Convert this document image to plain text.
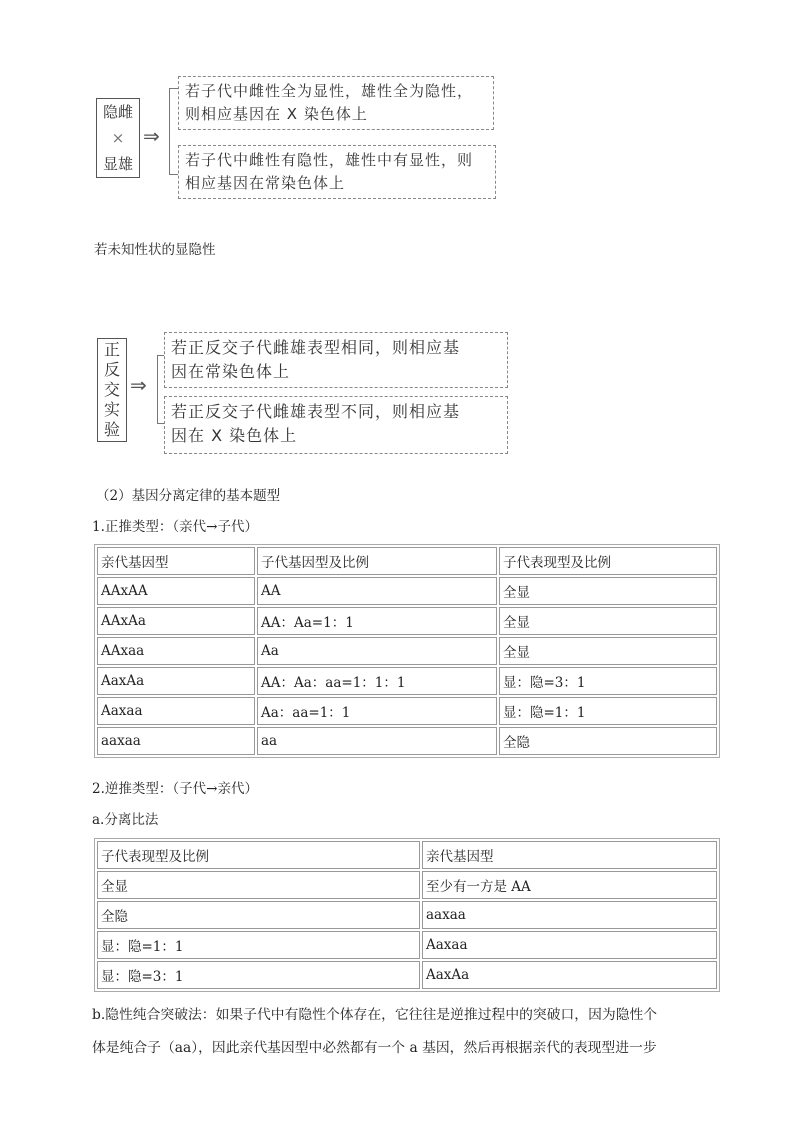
隐雌
×
显雄
⇒
若子代中雌性全为显性，雄性全为隐性，
则相应基因在 X 染色体上
若子代中雌性有隐性，雄性中有显性，则
相应基因在常染色体上
若未知性状的显隐性
正
反
交
实
验
⇒
若正反交子代雌雄表型相同，则相应基
因在常染色体上
若正反交子代雌雄表型不同，则相应基
因在 X 染色体上
（2）基因分离定律的基本题型
1.正推类型：（亲代→子代）
亲代基因型	子代基因型及比例	子代表现型及比例
AAxAA	AA	全显
AAxAa	AA：Aa=1：1	全显
AAxaa	Aa	全显
AaxAa	AA：Aa：aa=1：1：1	显：隐=3：1
Aaxaa	Aa：aa=1：1	显：隐=1：1
aaxaa	aa	全隐
2.逆推类型：（子代→亲代）
a.分离比法
子代表现型及比例	亲代基因型
全显	至少有一方是 AA
全隐	aaxaa
显：隐=1：1	Aaxaa
显：隐=3：1	AaxAa
b.隐性纯合突破法：如果子代中有隐性个体存在，它往往是逆推过程中的突破口，因为隐性个
体是纯合子（aa），因此亲代基因型中必然都有一个 a 基因，然后再根据亲代的表现型进一步
